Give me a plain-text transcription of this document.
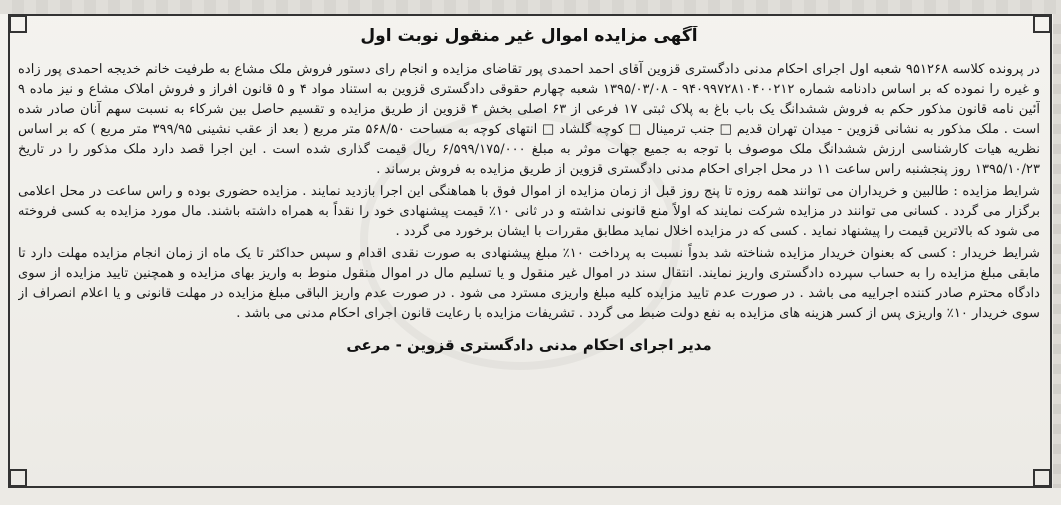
آگهی مزایده اموال غیر منقول نوبت اول

در پرونده کلاسه ۹۵۱۲۶۸ شعبه اول اجرای احکام مدنی دادگستری قزوین آقای احمد احمدی پور تقاضای مزایده و انجام رای دستور فروش ملک مشاع به طرفیت خانم خدیجه احمدی پور زاده و غیره را نموده که بر اساس دادنامه شماره ۹۴۰۹۹۷۲۸۱۰۴۰۰۲۱۲ - ۱۳۹۵/۰۳/۰۸ شعبه چهارم حقوقی دادگستری قزوین به استناد مواد ۴ و ۵ قانون افراز و فروش املاک مشاع و نیز ماده ۹ آئین نامه قانون مذکور حکم به فروش ششدانگ یک باب باغ به پلاک ثبتی ۱۷ فرعی از ۶۳ اصلی بخش ۴ قزوین از طریق مزایده و تقسیم حاصل بین شرکاء به نسبت سهم آنان صادر شده است . ملک مذکور به نشانی قزوین - میدان تهران قدیم □ جنب ترمینال □ کوچه گلشاد □ انتهای کوچه به مساحت ۵۶۸/۵۰ متر مربع ( بعد از عقب نشینی ۳۹۹/۹۵ متر مربع ) که بر اساس نظریه هیات کارشناسی ارزش ششدانگ ملک موصوف با توجه به جمیع جهات موثر به مبلغ ۶/۵۹۹/۱۷۵/۰۰۰ ریال قیمت گذاری شده است . این اجرا قصد دارد ملک مذکور را در تاریخ ۱۳۹۵/۱۰/۲۳ روز پنجشنبه راس ساعت ۱۱ در محل اجرای احکام مدنی دادگستری قزوین از طریق مزایده به فروش برساند .

شرایط مزایده : طالبین و خریداران می توانند همه روزه تا پنج روز قبل از زمان مزایده از اموال فوق با هماهنگی این اجرا بازدید نمایند . مزایده حضوری بوده و راس ساعت در محل اعلامی برگزار می گردد . کسانی می توانند در مزایده شرکت نمایند که اولاً منع قانونی نداشته و در ثانی ۱۰٪ قیمت پیشنهادی خود را نقداً به همراه داشته باشند. مال مورد مزایده به کسی فروخته می شود که بالاترین قیمت را پیشنهاد نماید . کسی که در مزایده اخلال نماید مطابق مقررات با ایشان برخورد می گردد .

شرایط خریدار : کسی که بعنوان خریدار مزایده شناخته شد بدواً نسبت به پرداخت ۱۰٪ مبلغ پیشنهادی به صورت نقدی اقدام و سپس حداکثر تا یک ماه از زمان انجام مزایده مهلت دارد تا مابقی مبلغ مزایده را به حساب سپرده دادگستری واریز نمایند. انتقال سند در اموال غیر منقول و یا تسلیم مال در اموال منقول منوط به واریز بهای مزایده و همچنین تایید مزایده از سوی دادگاه محترم صادر کننده اجراییه می باشد . در صورت عدم تایید مزایده کلیه مبلغ واریزی مسترد می شود . در صورت عدم واریز الباقی مبلغ مزایده در مهلت قانونی و یا اعلام انصراف از سوی خریدار ۱۰٪ واریزی پس از کسر هزینه های مزایده به نفع دولت ضبط می گردد . تشریفات مزایده با رعایت قانون اجرای احکام مدنی می باشد .

مدیر اجرای احکام مدنی دادگستری قزوین - مرعی
